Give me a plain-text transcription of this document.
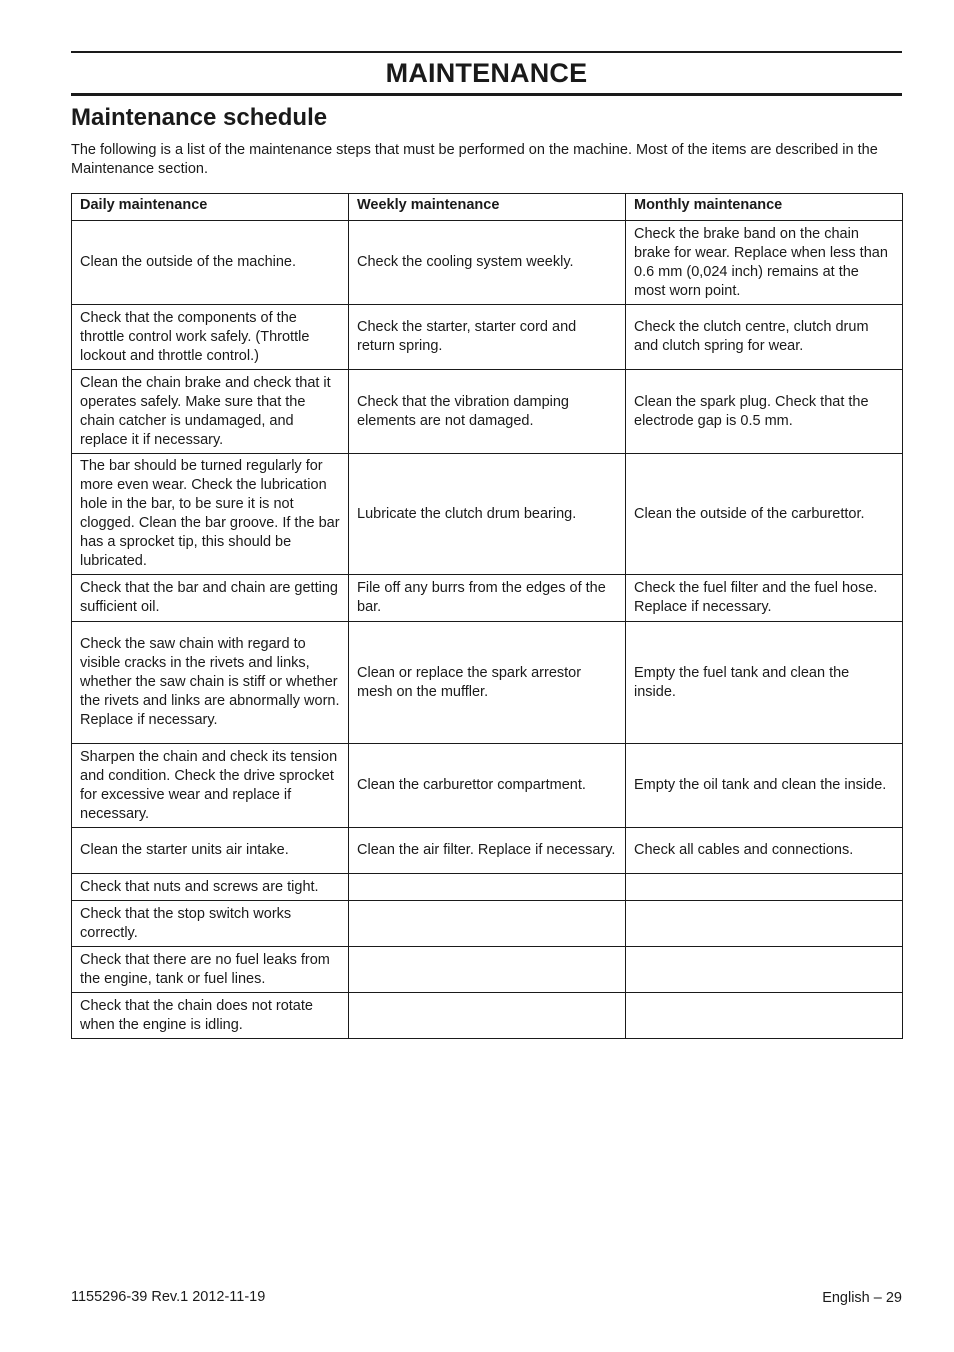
MAINTENANCE
Maintenance schedule

The following is a list of the maintenance steps that must be performed on the machine. Most of the items are described in the Maintenance section.

Daily maintenance	Weekly maintenance	Monthly maintenance
Clean the outside of the machine.	Check the cooling system weekly.	Check the brake band on the chain brake for wear. Replace when less than 0.6 mm (0,024 inch) remains at the most worn point.
Check that the components of the throttle control work safely. (Throttle lockout and throttle control.)	Check the starter, starter cord and return spring.	Check the clutch centre, clutch drum and clutch spring for wear.
Clean the chain brake and check that it operates safely. Make sure that the chain catcher is undamaged, and replace it if necessary.	Check that the vibration damping elements are not damaged.	Clean the spark plug. Check that the electrode gap is 0.5 mm.
The bar should be turned regularly for more even wear. Check the lubrication hole in the bar, to be sure it is not clogged. Clean the bar groove. If the bar has a sprocket tip, this should be lubricated.	Lubricate the clutch drum bearing.	Clean the outside of the carburettor.
Check that the bar and chain are getting sufficient oil.	File off any burrs from the edges of the bar.	Check the fuel filter and the fuel hose. Replace if necessary.
Check the saw chain with regard to visible cracks in the rivets and links, whether the saw chain is stiff or whether the rivets and links are abnormally worn. Replace if necessary.	Clean or replace the spark arrestor mesh on the muffler.	Empty the fuel tank and clean the inside.
Sharpen the chain and check its tension and condition. Check the drive sprocket for excessive wear and replace if necessary.	Clean the carburettor compartment.	Empty the oil tank and clean the inside.
Clean the starter units air intake.	Clean the air filter. Replace if necessary.	Check all cables and connections.
Check that nuts and screws are tight.		
Check that the stop switch works correctly.		
Check that there are no fuel leaks from the engine, tank or fuel lines.		
Check that the chain does not rotate when the engine is idling.		
1155296-39 Rev.1 2012-11-19	English – 29
